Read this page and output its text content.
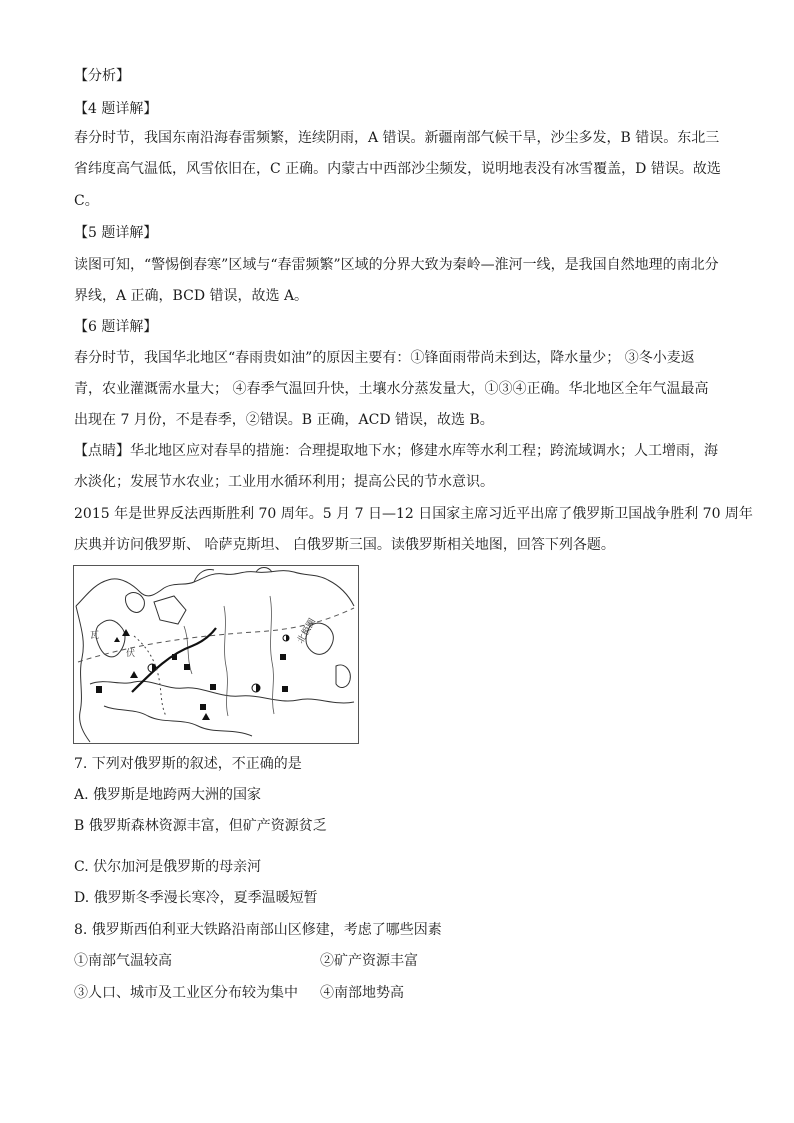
【分析】
【4 题详解】
春分时节，我国东南沿海春雷频繁，连续阴雨，A 错误。新疆南部气候干旱，沙尘多发，B 错误。东北三
省纬度高气温低，风雪依旧在，C 正确。内蒙古中西部沙尘频发，说明地表没有冰雪覆盖，D 错误。故选
C。
【5 题详解】
读图可知，“警惕倒春寒”区域与“春雷频繁”区域的分界大致为秦岭—淮河一线，是我国自然地理的南北分
界线，A 正确，BCD 错误，故选 A。
【6 题详解】
春分时节，我国华北地区“春雨贵如油”的原因主要有：①锋面雨带尚未到达，降水量少； ③冬小麦返
青，农业灌溉需水量大； ④春季气温回升快，土壤水分蒸发量大，①③④正确。华北地区全年气温最高
出现在 7 月份，不是春季，②错误。B 正确，ACD 错误，故选 B。
【点睛】华北地区应对春旱的措施：合理提取地下水；修建水库等水利工程；跨流域调水；人工增雨，海
水淡化；发展节水农业；工业用水循环利用；提高公民的节水意识。
2015 年是世界反法西斯胜利 70 周年。5 月 7 日—12 日国家主席习近平出席了俄罗斯卫国战争胜利 70 周年
庆典并访问俄罗斯、 哈萨克斯坦、 白俄罗斯三国。读俄罗斯相关地图，回答下列各题。
北极圈
伏
瓦
7. 下列对俄罗斯的叙述，不正确的是
A. 俄罗斯是地跨两大洲的国家
B 俄罗斯森林资源丰富，但矿产资源贫乏
C. 伏尔加河是俄罗斯的母亲河
D. 俄罗斯冬季漫长寒冷，夏季温暖短暂
8. 俄罗斯西伯利亚大铁路沿南部山区修建，考虑了哪些因素
①南部气温较高	②矿产资源丰富
③人口、城市及工业区分布较为集中 ④南部地势高
